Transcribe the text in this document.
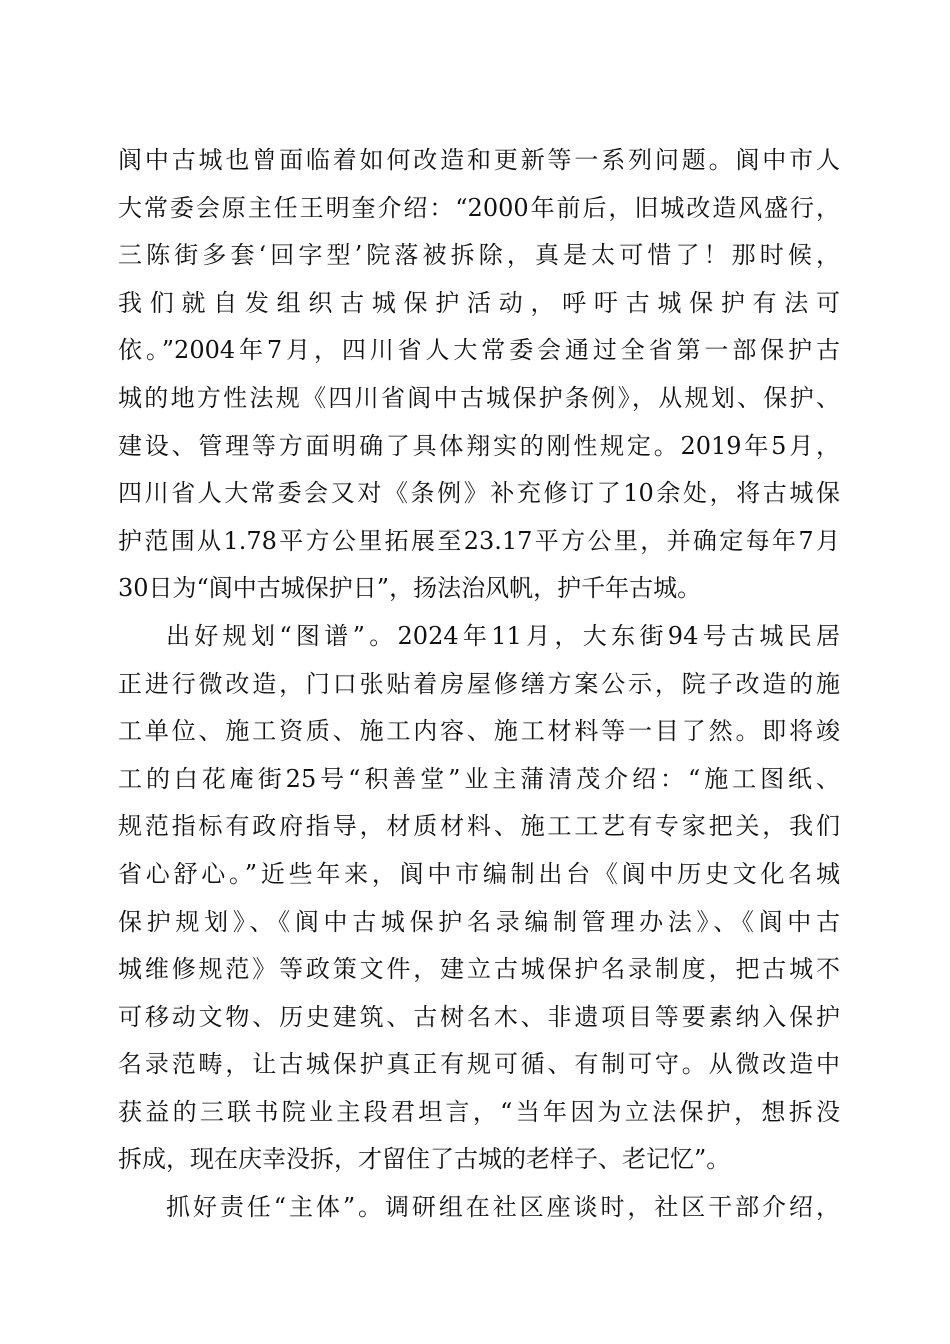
阆中古城也曾面临着如何改造和更新等一系列问题。阆中市人
大常委会原主任王明奎介绍：“2000年前后，旧城改造风盛行，
三陈街多套‘回字型’院落被拆除，真是太可惜了！那时候，
我们就自发组织古城保护活动，呼吁古城保护有法可
依。”2004年7月，四川省人大常委会通过全省第一部保护古
城的地方性法规《四川省阆中古城保护条例》，从规划、保护、
建设、管理等方面明确了具体翔实的刚性规定。2019年5月，
四川省人大常委会又对《条例》补充修订了10余处，将古城保
护范围从1.78平方公里拓展至23.17平方公里，并确定每年7月
30日为“阆中古城保护日”，扬法治风帆，护千年古城。
出好规划“图谱”。2024年11月，大东街94号古城民居
正进行微改造，门口张贴着房屋修缮方案公示，院子改造的施
工单位、施工资质、施工内容、施工材料等一目了然。即将竣
工的白花庵街25号“积善堂”业主蒲清茂介绍：“施工图纸、
规范指标有政府指导，材质材料、施工工艺有专家把关，我们
省心舒心。”近些年来，阆中市编制出台《阆中历史文化名城
保护规划》、《阆中古城保护名录编制管理办法》、《阆中古
城维修规范》等政策文件，建立古城保护名录制度，把古城不
可移动文物、历史建筑、古树名木、非遗项目等要素纳入保护
名录范畴，让古城保护真正有规可循、有制可守。从微改造中
获益的三联书院业主段君坦言，“当年因为立法保护，想拆没
拆成，现在庆幸没拆，才留住了古城的老样子、老记忆”。
抓好责任“主体”。调研组在社区座谈时，社区干部介绍，
